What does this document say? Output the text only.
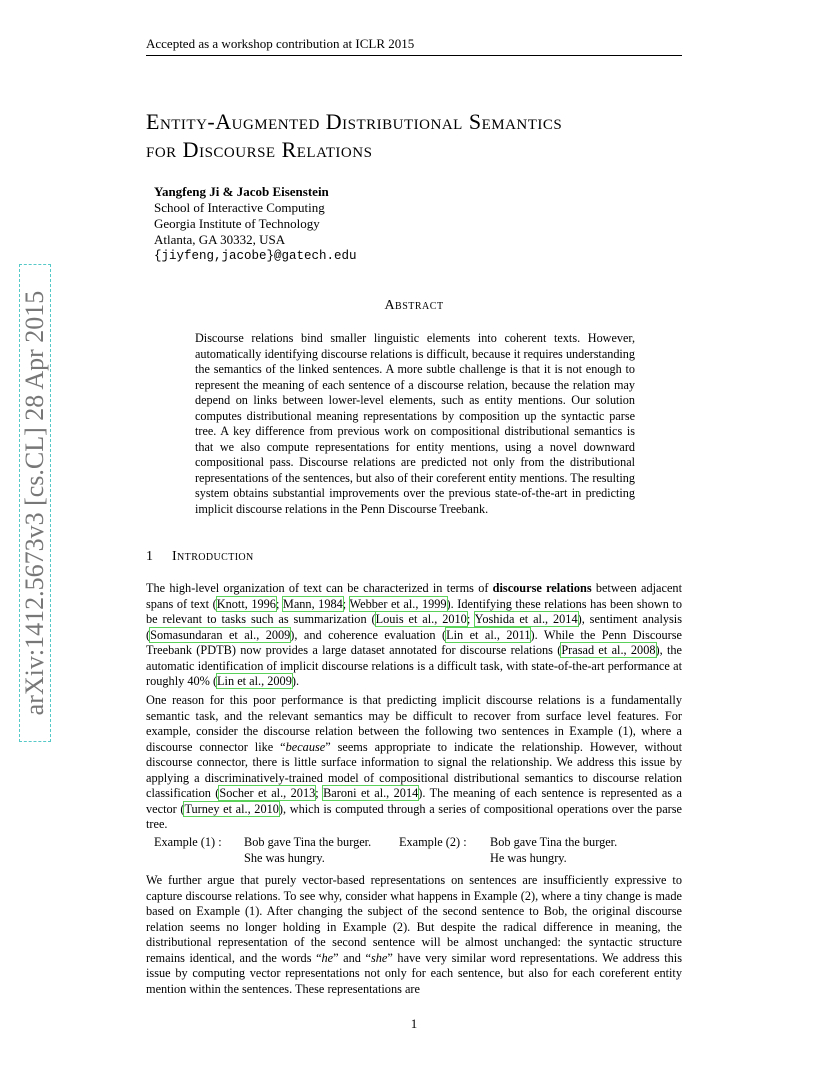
Accepted as a workshop contribution at ICLR 2015
arXiv:1412.5673v3 [cs.CL] 28 Apr 2015
Entity-Augmented Distributional Semantics
for Discourse Relations
Yangfeng Ji & Jacob Eisenstein
School of Interactive Computing
Georgia Institute of Technology
Atlanta, GA 30332, USA
{jiyfeng,jacobe}@gatech.edu
Abstract
Discourse relations bind smaller linguistic elements into coherent texts. However, automatically identifying discourse relations is difficult, because it requires understanding the semantics of the linked sentences. A more subtle challenge is that it is not enough to represent the meaning of each sentence of a discourse relation, because the relation may depend on links between lower-level elements, such as entity mentions. Our solution computes distributional meaning representations by composition up the syntactic parse tree. A key difference from previous work on compositional distributional semantics is that we also compute representations for entity mentions, using a novel downward compositional pass. Discourse relations are predicted not only from the distributional representations of the sentences, but also of their coreferent entity mentions. The resulting system obtains substantial improvements over the previous state-of-the-art in predicting implicit discourse relations in the Penn Discourse Treebank.
1 Introduction
The high-level organization of text can be characterized in terms of discourse relations between adjacent spans of text (Knott, 1996; Mann, 1984; Webber et al., 1999). Identifying these relations has been shown to be relevant to tasks such as summarization (Louis et al., 2010; Yoshida et al., 2014), sentiment analysis (Somasundaran et al., 2009), and coherence evaluation (Lin et al., 2011). While the Penn Discourse Treebank (PDTB) now provides a large dataset annotated for discourse relations (Prasad et al., 2008), the automatic identification of implicit discourse relations is a difficult task, with state-of-the-art performance at roughly 40% (Lin et al., 2009).
One reason for this poor performance is that predicting implicit discourse relations is a fundamentally semantic task, and the relevant semantics may be difficult to recover from surface level features. For example, consider the discourse relation between the following two sentences in Example (1), where a discourse connector like “because” seems appropriate to indicate the relationship. However, without discourse connector, there is little surface information to signal the relationship. We address this issue by applying a discriminatively-trained model of compositional distributional semantics to discourse relation classification (Socher et al., 2013; Baroni et al., 2014). The meaning of each sentence is represented as a vector (Turney et al., 2010), which is computed through a series of compositional operations over the parse tree.
Example (1) : Bob gave Tina the burger.
She was hungry.
Example (2) : Bob gave Tina the burger.
He was hungry.
We further argue that purely vector-based representations on sentences are insufficiently expressive to capture discourse relations. To see why, consider what happens in Example (2), where a tiny change is made based on Example (1). After changing the subject of the second sentence to Bob, the original discourse relation seems no longer holding in Example (2). But despite the radical difference in meaning, the distributional representation of the second sentence will be almost unchanged: the syntactic structure remains identical, and the words “he” and “she” have very similar word representations. We address this issue by computing vector representations not only for each sentence, but also for each coreferent entity mention within the sentences. These representations are
1
